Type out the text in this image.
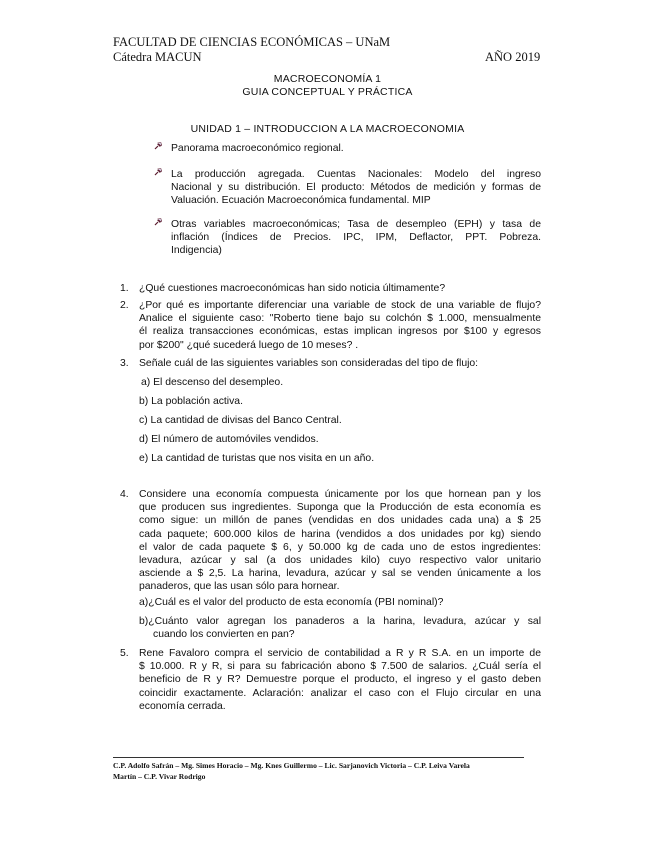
FACULTAD DE CIENCIAS ECONÓMICAS – UNaM
Cátedra MACUN	AÑO 2019
MACROECONOMÍA 1
GUIA CONCEPTUAL Y PRÁCTICA
UNIDAD 1 – INTRODUCCION A LA MACROECONOMIA
Panorama macroeconómico regional.
La producción agregada. Cuentas Nacionales: Modelo del ingreso
Nacional y su distribución. El producto: Métodos de medición y formas de
Valuación. Ecuación Macroeconómica fundamental. MIP
Otras variables macroeconómicas; Tasa de desempleo (EPH) y tasa de
inflación (Índices de Precios. IPC, IPM, Deflactor, PPT. Pobreza.
Indigencia)
1. ¿Qué cuestiones macroeconómicas han sido noticia últimamente?
2. ¿Por qué es importante diferenciar una variable de stock de una variable de flujo?
Analice el siguiente caso: "Roberto tiene bajo su colchón $ 1.000, mensualmente
él realiza transacciones económicas, estas implican ingresos por $100 y egresos
por $200" ¿qué sucederá luego de 10 meses? .
3. Señale cuál de las siguientes variables son consideradas del tipo de flujo:
a) El descenso del desempleo.
b) La población activa.
c) La cantidad de divisas del Banco Central.
d) El número de automóviles vendidos.
e) La cantidad de turistas que nos visita en un año.
4. Considere una economía compuesta únicamente por los que hornean pan y los
que producen sus ingredientes. Suponga que la Producción de esta economía es
como sigue: un millón de panes (vendidas en dos unidades cada una) a $ 25
cada paquete; 600.000 kilos de harina (vendidos a dos unidades por kg) siendo
el valor de cada paquete $ 6, y 50.000 kg de cada uno de estos ingredientes:
levadura, azúcar y sal (a dos unidades kilo) cuyo respectivo valor unitario
asciende a $ 2,5. La harina, levadura, azúcar y sal se venden únicamente a los
panaderos, que las usan sólo para hornear.
a)¿Cuál es el valor del producto de esta economía (PBI nominal)?
b)¿Cuánto valor agregan los panaderos a la harina, levadura, azúcar y sal
cuando los convierten en pan?
5. Rene Favaloro compra el servicio de contabilidad a R y R S.A. en un importe de
$ 10.000. R y R, si para su fabricación abono $ 7.500 de salarios. ¿Cuál sería el
beneficio de R y R? Demuestre porque el producto, el ingreso y el gasto deben
coincidir exactamente. Aclaración: analizar el caso con el Flujo circular en una
economía cerrada.
C.P. Adolfo Safrán – Mg. Simes Horacio – Mg. Knes Guillermo – Lic. Sarjanovich Victoria – C.P. Leiva Varela
Martín – C.P. Vivar Rodrigo
